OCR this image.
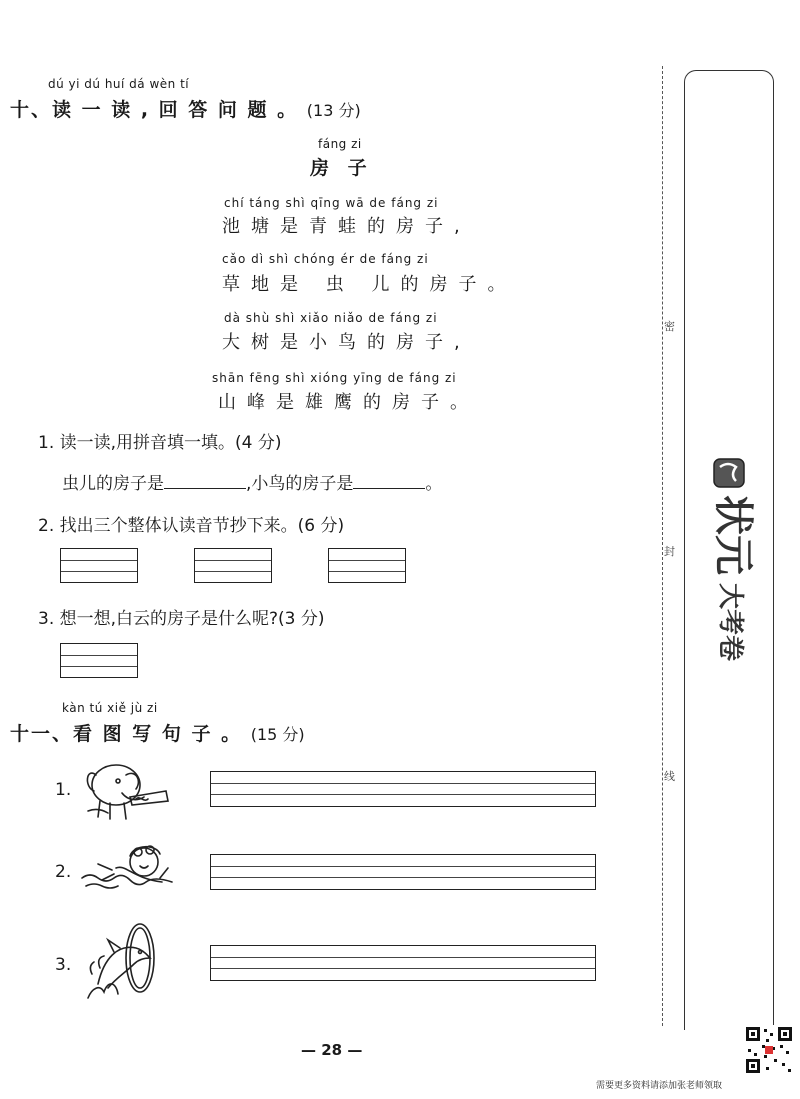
dú yi dú huí dá wèn tí
十、读 一 读 , 回 答 问 题 。 (13 分)
fáng zi
房 子
chí táng shì qīng wā de fáng zi
池塘是青蛙的房子,
cǎo dì shì chóng ér de fáng zi
草地是 虫 儿的房子。
dà shù shì xiǎo niǎo de fáng zi
大树是小鸟的房子,
shān fēng shì xióng yīng de fáng zi
山峰是雄鹰的房子。
1. 读一读,用拼音填一填。(4 分)
虫儿的房子是	,小鸟的房子是	。
2. 找出三个整体认读音节抄下来。(6 分)
3. 想一想,白云的房子是什么呢?(3 分)
kàn tú xiě jù zi
十一、看 图 写 句 子 。 (15 分)
1.
2.
3.
密
封
线
状元
大考卷
— 28 —
需要更多资料请添加张老师领取
